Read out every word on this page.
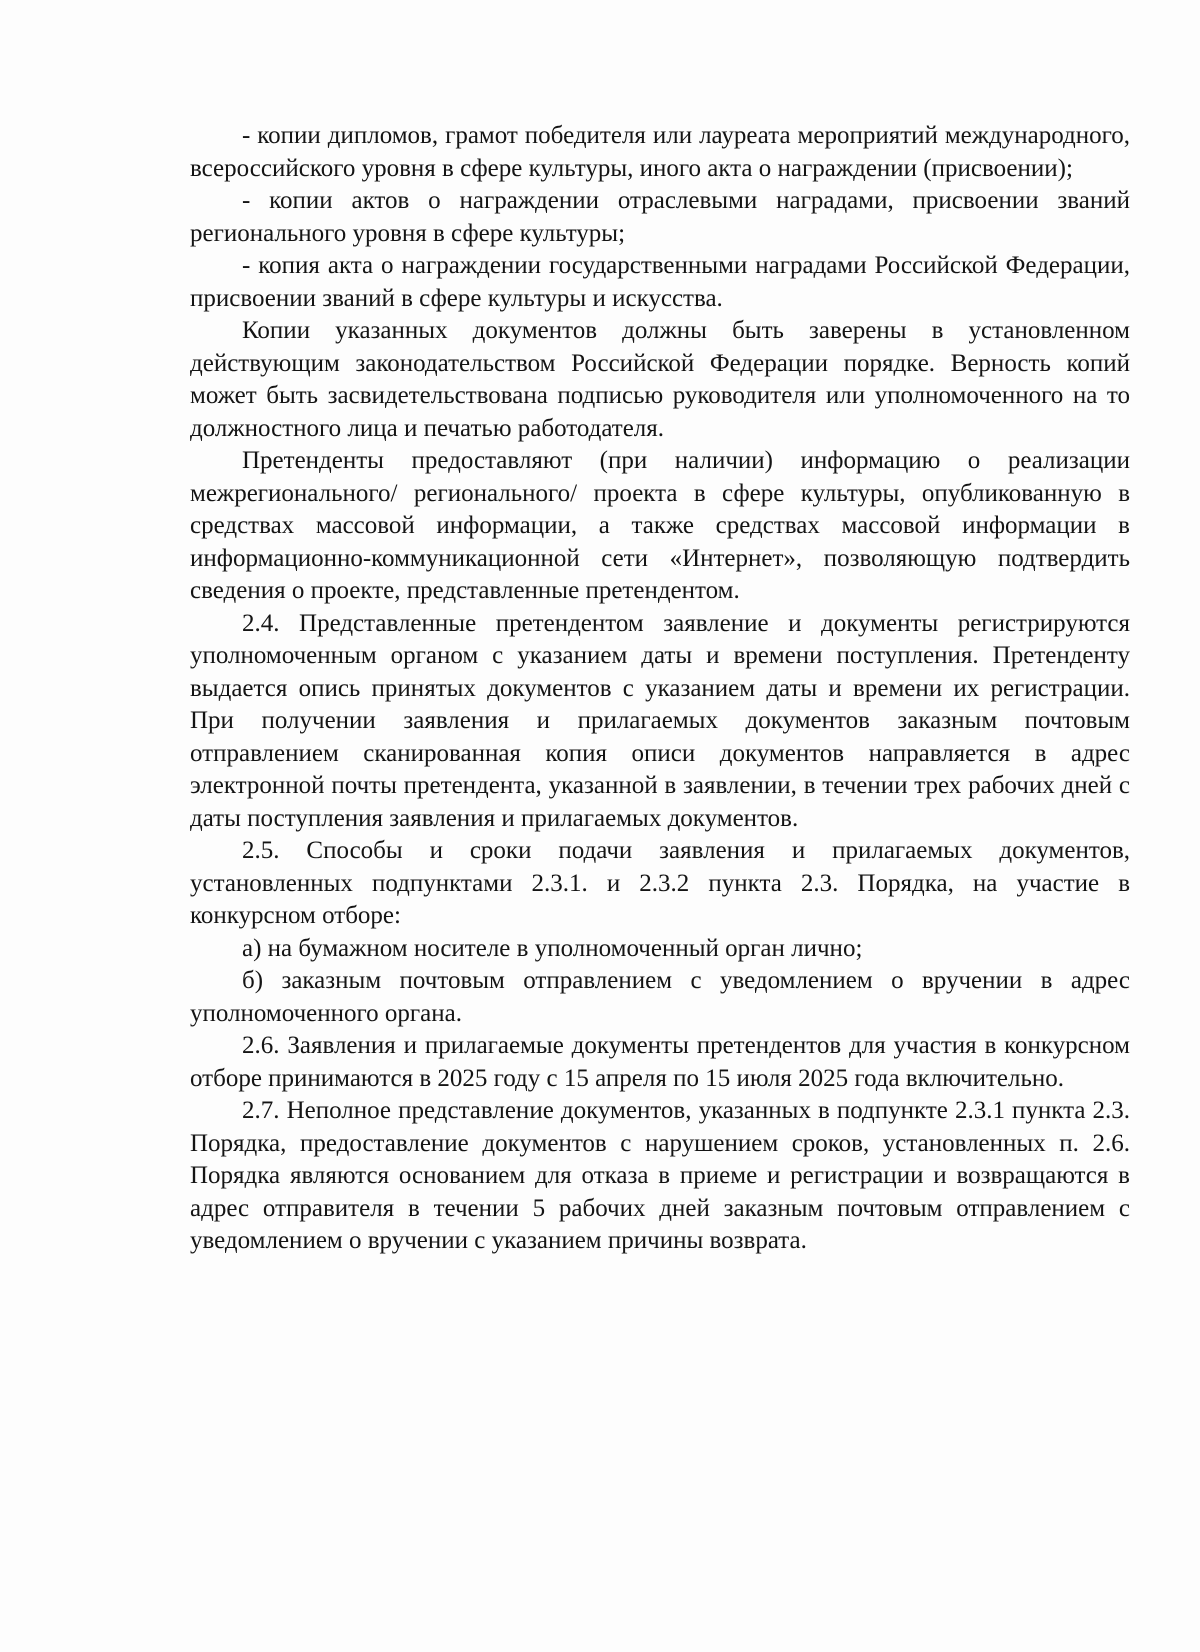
- копии дипломов, грамот победителя или лауреата мероприятий международного, всероссийского уровня в сфере культуры, иного акта о награждении (присвоении);

- копии актов о награждении отраслевыми наградами, присвоении званий регионального уровня в сфере культуры;

- копия акта о награждении государственными наградами Российской Федерации, присвоении званий в сфере культуры и искусства.

Копии указанных документов должны быть заверены в установленном действующим законодательством Российской Федерации порядке. Верность копий может быть засвидетельствована подписью руководителя или уполномоченного на то должностного лица и печатью работодателя.

Претенденты предоставляют (при наличии) информацию о реализации межрегионального/ регионального/ проекта в сфере культуры, опубликованную в средствах массовой информации, а также средствах массовой информации в информационно-коммуникационной сети «Интернет», позволяющую подтвердить сведения о проекте, представленные претендентом.

2.4. Представленные претендентом заявление и документы регистрируются уполномоченным органом с указанием даты и времени поступления. Претенденту выдается опись принятых документов с указанием даты и времени их регистрации. При получении заявления и прилагаемых документов заказным почтовым отправлением сканированная копия описи документов направляется в адрес электронной почты претендента, указанной в заявлении, в течении трех рабочих дней с даты поступления заявления и прилагаемых документов.

2.5. Способы и сроки подачи заявления и прилагаемых документов, установленных подпунктами 2.3.1. и 2.3.2 пункта 2.3. Порядка, на участие в конкурсном отборе:

а) на бумажном носителе в уполномоченный орган лично;

б) заказным почтовым отправлением с уведомлением о вручении в адрес уполномоченного органа.

2.6. Заявления и прилагаемые документы претендентов для участия в конкурсном отборе принимаются в 2025 году с 15 апреля по 15 июля 2025 года включительно.

2.7. Неполное представление документов, указанных в подпункте 2.3.1 пункта 2.3. Порядка, предоставление документов с нарушением сроков, установленных п. 2.6. Порядка являются основанием для отказа в приеме и регистрации и возвращаются в адрес отправителя в течении 5 рабочих дней заказным почтовым отправлением с уведомлением о вручении с указанием причины возврата.
